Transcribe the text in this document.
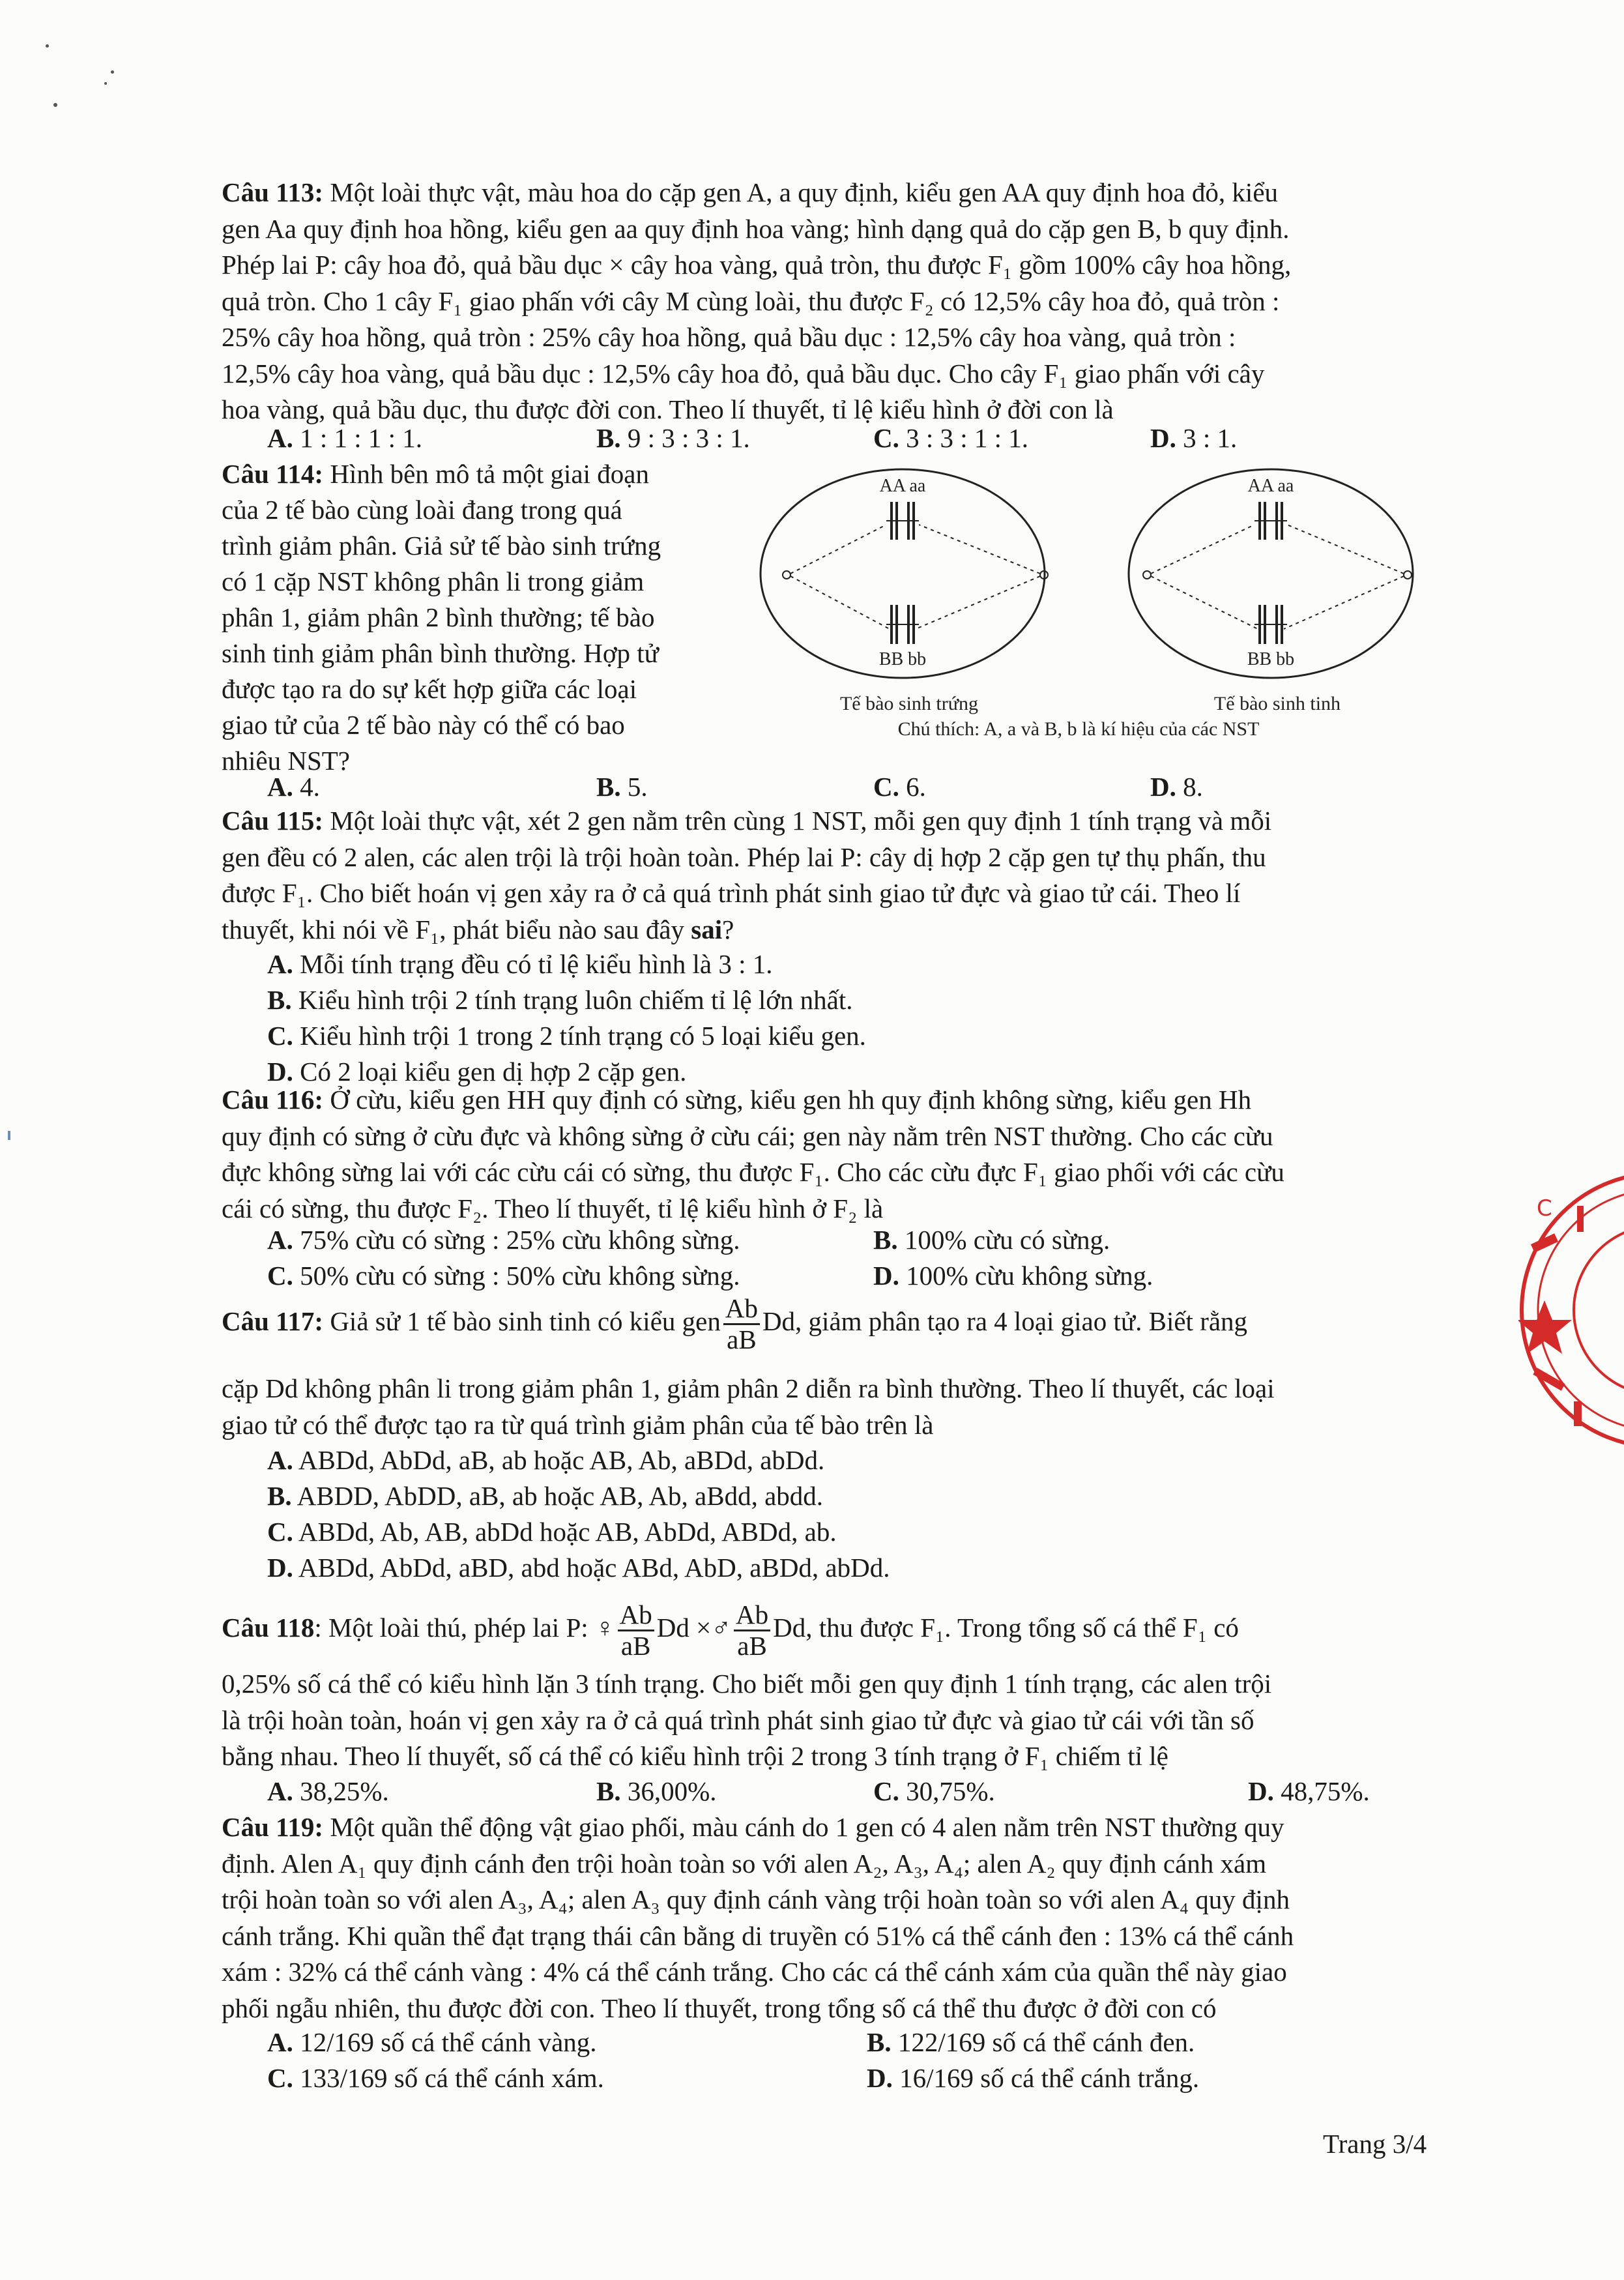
Câu 113: Một loài thực vật, màu hoa do cặp gen A, a quy định, kiểu gen AA quy định hoa đỏ, kiểu
gen Aa quy định hoa hồng, kiểu gen aa quy định hoa vàng; hình dạng quả do cặp gen B, b quy định.
Phép lai P: cây hoa đỏ, quả bầu dục × cây hoa vàng, quả tròn, thu được F₁ gồm 100% cây hoa hồng,
quả tròn. Cho 1 cây F₁ giao phấn với cây M cùng loài, thu được F₂ có 12,5% cây hoa đỏ, quả tròn :
25% cây hoa hồng, quả tròn : 25% cây hoa hồng, quả bầu dục : 12,5% cây hoa vàng, quả tròn :
12,5% cây hoa vàng, quả bầu dục : 12,5% cây hoa đỏ, quả bầu dục. Cho cây F₁ giao phấn với cây
hoa vàng, quả bầu dục, thu được đời con. Theo lí thuyết, tỉ lệ kiểu hình ở đời con là
A. 1 : 1 : 1 : 1.	B. 9 : 3 : 3 : 1.	C. 3 : 3 : 1 : 1.	D. 3 : 1.
Câu 114: Hình bên mô tả một giai đoạn
của 2 tế bào cùng loài đang trong quá
trình giảm phân. Giả sử tế bào sinh trứng
có 1 cặp NST không phân li trong giảm
phân 1, giảm phân 2 bình thường; tế bào
sinh tinh giảm phân bình thường. Hợp tử
được tạo ra do sự kết hợp giữa các loại
giao tử của 2 tế bào này có thể có bao
nhiêu NST?
AA aa
BB bb
AA aa
BB bb
Tế bào sinh trứng	Tế bào sinh tinh
Chú thích: A, a và B, b là kí hiệu của các NST
A. 4.	B. 5.	C. 6.	D. 8.
Câu 115: Một loài thực vật, xét 2 gen nằm trên cùng 1 NST, mỗi gen quy định 1 tính trạng và mỗi
gen đều có 2 alen, các alen trội là trội hoàn toàn. Phép lai P: cây dị hợp 2 cặp gen tự thụ phấn, thu
được F₁. Cho biết hoán vị gen xảy ra ở cả quá trình phát sinh giao tử đực và giao tử cái. Theo lí
thuyết, khi nói về F₁, phát biểu nào sau đây sai?
A. Mỗi tính trạng đều có tỉ lệ kiểu hình là 3 : 1.
B. Kiểu hình trội 2 tính trạng luôn chiếm tỉ lệ lớn nhất.
C. Kiểu hình trội 1 trong 2 tính trạng có 5 loại kiểu gen.
D. Có 2 loại kiểu gen dị hợp 2 cặp gen.
Câu 116: Ở cừu, kiểu gen HH quy định có sừng, kiểu gen hh quy định không sừng, kiểu gen Hh
quy định có sừng ở cừu đực và không sừng ở cừu cái; gen này nằm trên NST thường. Cho các cừu
đực không sừng lai với các cừu cái có sừng, thu được F₁. Cho các cừu đực F₁ giao phối với các cừu
cái có sừng, thu được F₂. Theo lí thuyết, tỉ lệ kiểu hình ở F₂ là
A. 75% cừu có sừng : 25% cừu không sừng.	B. 100% cừu có sừng.
C. 50% cừu có sừng : 50% cừu không sừng.	D. 100% cừu không sừng.
Câu 117: Giả sử 1 tế bào sinh tinh có kiểu gen $\frac{Ab}{aB} Dd$, giảm phân tạo ra 4 loại giao tử. Biết rằng
cặp Dd không phân li trong giảm phân 1, giảm phân 2 diễn ra bình thường. Theo lí thuyết, các loại
giao tử có thể được tạo ra từ quá trình giảm phân của tế bào trên là
A. ABDd, AbDd, aB, ab hoặc AB, Ab, aBDd, abDd.
B. ABDD, AbDD, aB, ab hoặc AB, Ab, aBdd, abdd.
C. ABDd, Ab, AB, abDd hoặc AB, AbDd, ABDd, ab.
D. ABDd, AbDd, aBD, abd hoặc ABd, AbD, aBDd, abDd.
Câu 118: Một loài thú, phép lai P: ♀ $\frac{Ab}{aB}$ Dd ×♂ $\frac{Ab}{aB} Dd$, thu được F₁. Trong tổng số cá thể F₁ có
0,25% số cá thể có kiểu hình lặn 3 tính trạng. Cho biết mỗi gen quy định 1 tính trạng, các alen trội
là trội hoàn toàn, hoán vị gen xảy ra ở cả quá trình phát sinh giao tử đực và giao tử cái với tần số
bằng nhau. Theo lí thuyết, số cá thể có kiểu hình trội 2 trong 3 tính trạng ở F₁ chiếm tỉ lệ
A. 38,25%.	B. 36,00%.	C. 30,75%.	D. 48,75%.
Câu 119: Một quần thể động vật giao phối, màu cánh do 1 gen có 4 alen nằm trên NST thường quy
định. Alen A₁ quy định cánh đen trội hoàn toàn so với alen A₂, A₃, A₄; alen A₂ quy định cánh xám
trội hoàn toàn so với alen A₃, A₄; alen A₃ quy định cánh vàng trội hoàn toàn so với alen A₄ quy định
cánh trắng. Khi quần thể đạt trạng thái cân bằng di truyền có 51% cá thể cánh đen : 13% cá thể cánh
xám : 32% cá thể cánh vàng : 4% cá thể cánh trắng. Cho các cá thể cánh xám của quần thể này giao
phối ngẫu nhiên, thu được đời con. Theo lí thuyết, trong tổng số cá thể thu được ở đời con có
A. 12/169 số cá thể cánh vàng.	B. 122/169 số cá thể cánh đen.
C. 133/169 số cá thể cánh xám.	D. 16/169 số cá thể cánh trắng.
Trang 3/4
C
